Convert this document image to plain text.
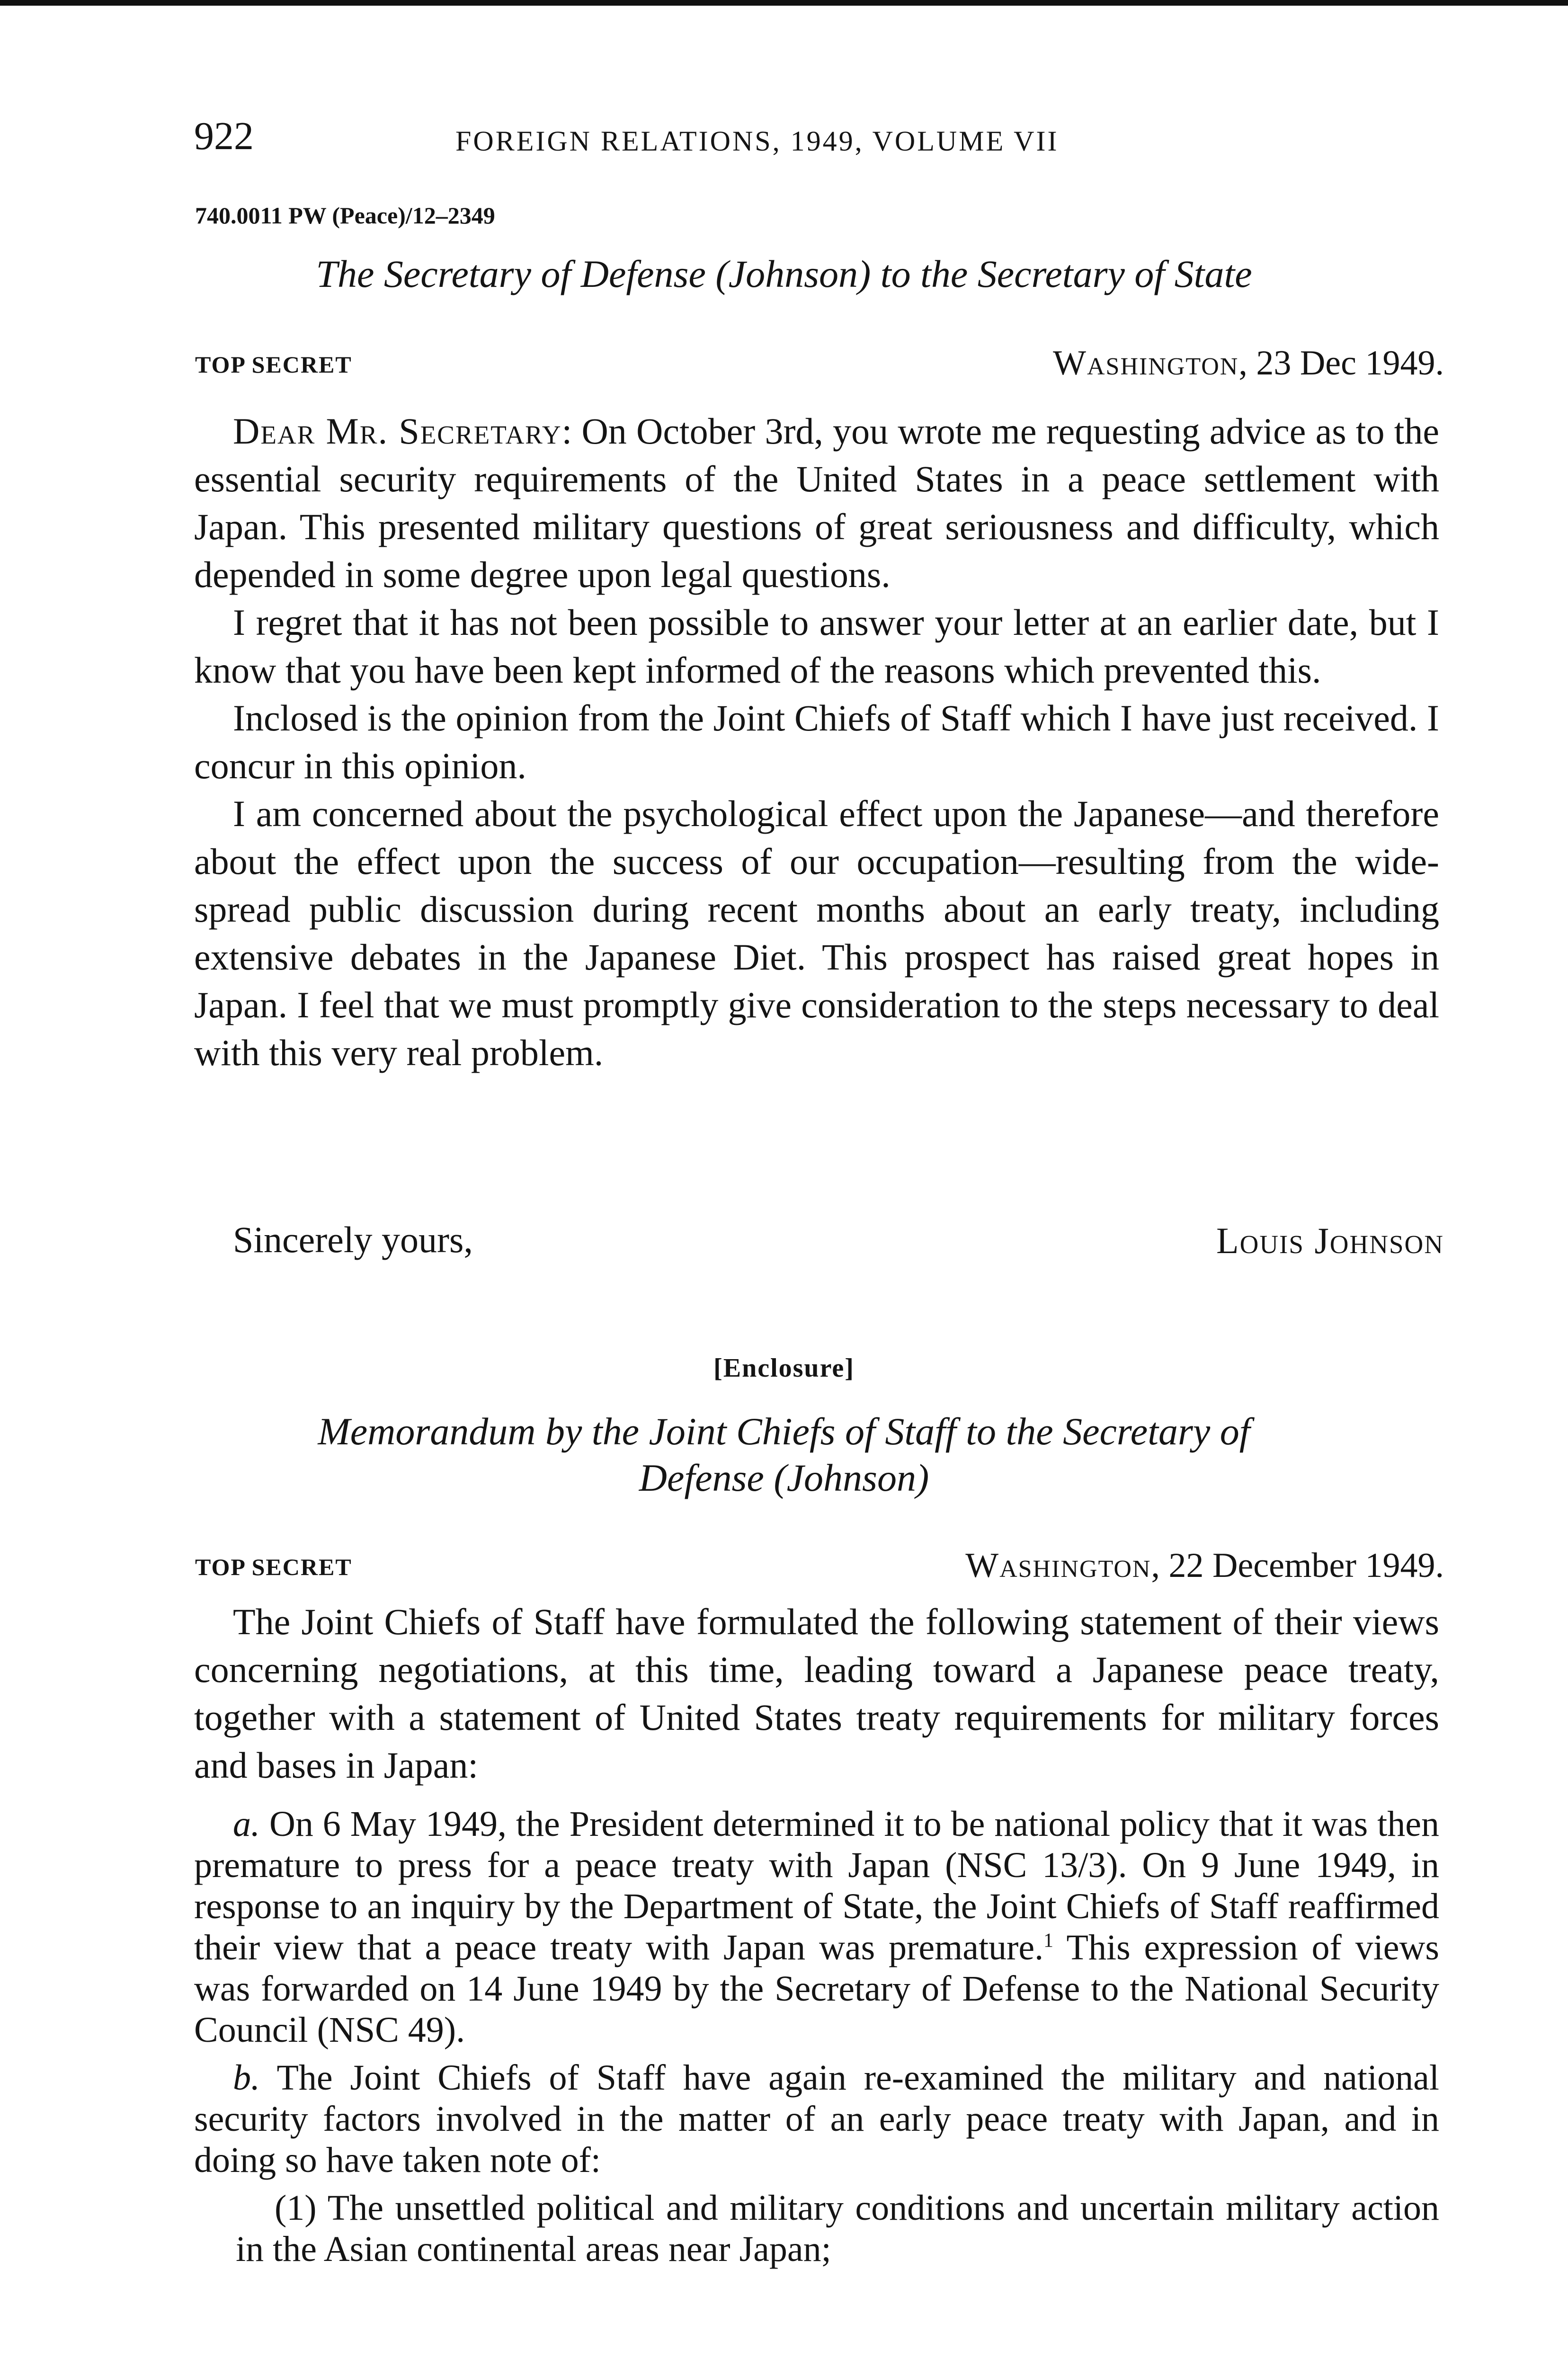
922	FOREIGN RELATIONS, 1949, VOLUME VII
740.0011 PW (Peace)/12–2349
The Secretary of Defense (Johnson) to the Secretary of State
TOP SECRET	Washington, 23 Dec 1949.

Dear Mr. Secretary: On October 3rd, you wrote me requesting advice as to the essential security requirements of the United States in a peace settlement with Japan. This presented military questions of great seriousness and difficulty, which depended in some degree upon legal questions.

I regret that it has not been possible to answer your letter at an earlier date, but I know that you have been kept informed of the reasons which prevented this.

Inclosed is the opinion from the Joint Chiefs of Staff which I have just received. I concur in this opinion.

I am concerned about the psychological effect upon the Japanese—and therefore about the effect upon the success of our occupation—resulting from the wide-spread public discussion during recent months about an early treaty, including extensive debates in the Japanese Diet. This prospect has raised great hopes in Japan. I feel that we must promptly give consideration to the steps necessary to deal with this very real problem.

Sincerely yours,	Louis Johnson
[Enclosure]
Memorandum by the Joint Chiefs of Staff to the Secretary of
Defense (Johnson)
TOP SECRET	Washington, 22 December 1949.

The Joint Chiefs of Staff have formulated the following statement of their views concerning negotiations, at this time, leading toward a Japanese peace treaty, together with a statement of United States treaty requirements for military forces and bases in Japan:

a. On 6 May 1949, the President determined it to be national policy that it was then premature to press for a peace treaty with Japan (NSC 13/3). On 9 June 1949, in response to an inquiry by the Department of State, the Joint Chiefs of Staff reaffirmed their view that a peace treaty with Japan was premature.$^1$ This expression of views was forwarded on 14 June 1949 by the Secretary of Defense to the National Security Council (NSC 49).

b. The Joint Chiefs of Staff have again re-examined the military and national security factors involved in the matter of an early peace treaty with Japan, and in doing so have taken note of:

(1) The unsettled political and military conditions and uncertain military action in the Asian continental areas near Japan;
